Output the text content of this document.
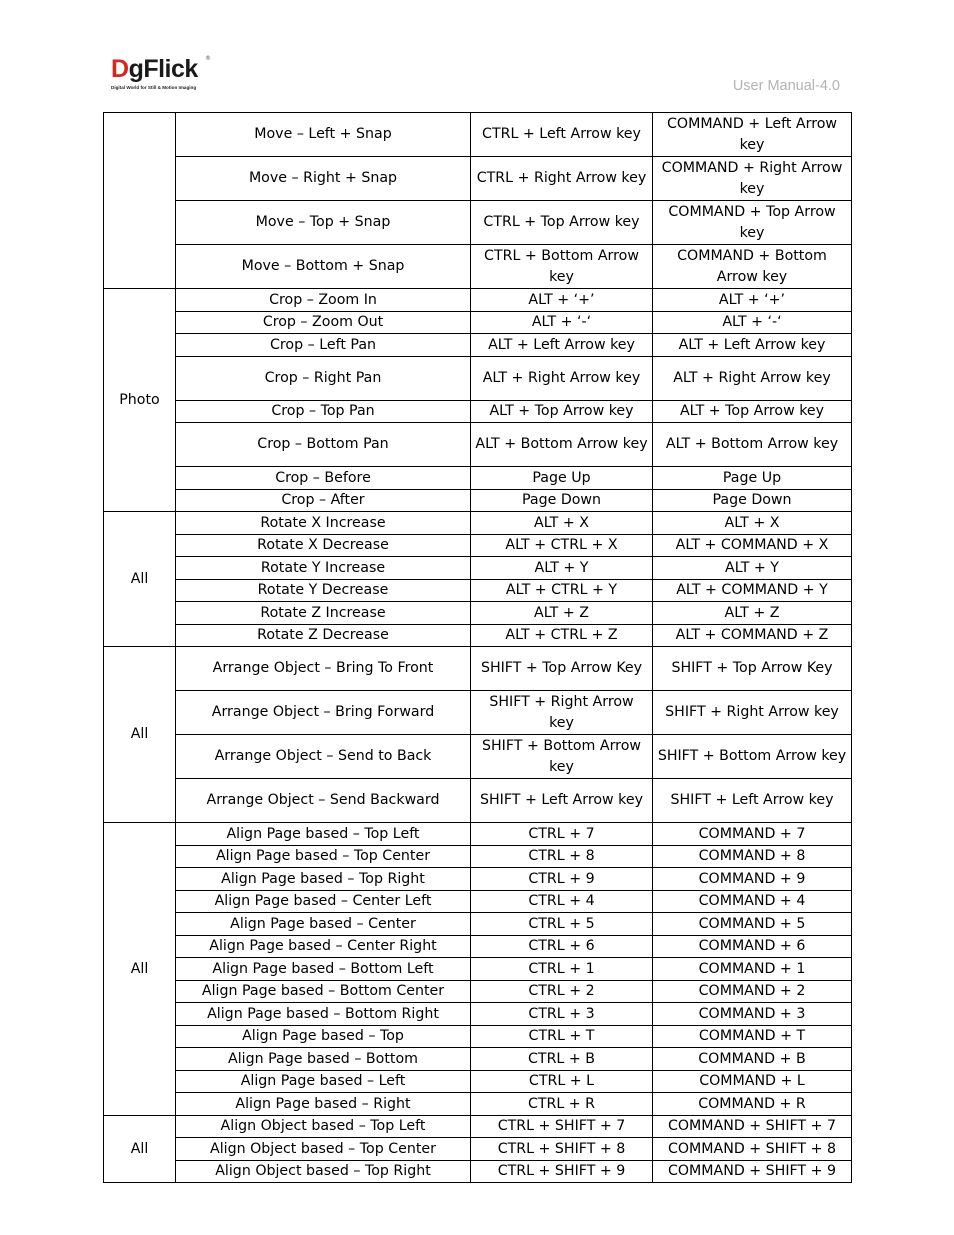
DgFlick ®
Digital World for Still & Motion Imaging	User Manual-4.0
	Move – Left + Snap	CTRL + Left Arrow key	COMMAND + Left Arrow key
	Move – Right + Snap	CTRL + Right Arrow key	COMMAND + Right Arrow key
	Move – Top + Snap	CTRL + Top Arrow key	COMMAND + Top Arrow key
	Move – Bottom + Snap	CTRL + Bottom Arrow key	COMMAND + Bottom Arrow key
Photo	Crop – Zoom In	ALT + ‘+’	ALT + ‘+’
	Crop – Zoom Out	ALT + ‘-‘	ALT + ‘-‘
	Crop – Left Pan	ALT + Left Arrow key	ALT + Left Arrow key
	Crop – Right Pan	ALT + Right Arrow key	ALT + Right Arrow key
	Crop – Top Pan	ALT + Top Arrow key	ALT + Top Arrow key
	Crop – Bottom Pan	ALT + Bottom Arrow key	ALT + Bottom Arrow key
	Crop – Before	Page Up	Page Up
	Crop – After	Page Down	Page Down
All	Rotate X Increase	ALT + X	ALT + X
	Rotate X Decrease	ALT + CTRL + X	ALT + COMMAND + X
	Rotate Y Increase	ALT + Y	ALT + Y
	Rotate Y Decrease	ALT + CTRL + Y	ALT + COMMAND + Y
	Rotate Z Increase	ALT + Z	ALT + Z
	Rotate Z Decrease	ALT + CTRL + Z	ALT + COMMAND + Z
All	Arrange Object – Bring To Front	SHIFT + Top Arrow Key	SHIFT + Top Arrow Key
	Arrange Object – Bring Forward	SHIFT + Right Arrow key	SHIFT + Right Arrow key
	Arrange Object – Send to Back	SHIFT + Bottom Arrow key	SHIFT + Bottom Arrow key
	Arrange Object – Send Backward	SHIFT + Left Arrow key	SHIFT + Left Arrow key
All	Align Page based – Top Left	CTRL + 7	COMMAND + 7
	Align Page based – Top Center	CTRL + 8	COMMAND + 8
	Align Page based – Top Right	CTRL + 9	COMMAND + 9
	Align Page based – Center Left	CTRL + 4	COMMAND + 4
	Align Page based – Center	CTRL + 5	COMMAND + 5
	Align Page based – Center Right	CTRL + 6	COMMAND + 6
	Align Page based – Bottom Left	CTRL + 1	COMMAND + 1
	Align Page based – Bottom Center	CTRL + 2	COMMAND + 2
	Align Page based – Bottom Right	CTRL + 3	COMMAND + 3
	Align Page based – Top	CTRL + T	COMMAND + T
	Align Page based – Bottom	CTRL + B	COMMAND + B
	Align Page based – Left	CTRL + L	COMMAND + L
	Align Page based – Right	CTRL + R	COMMAND + R
All	Align Object based – Top Left	CTRL + SHIFT + 7	COMMAND + SHIFT + 7
	Align Object based – Top Center	CTRL + SHIFT + 8	COMMAND + SHIFT + 8
	Align Object based – Top Right	CTRL + SHIFT + 9	COMMAND + SHIFT + 9
